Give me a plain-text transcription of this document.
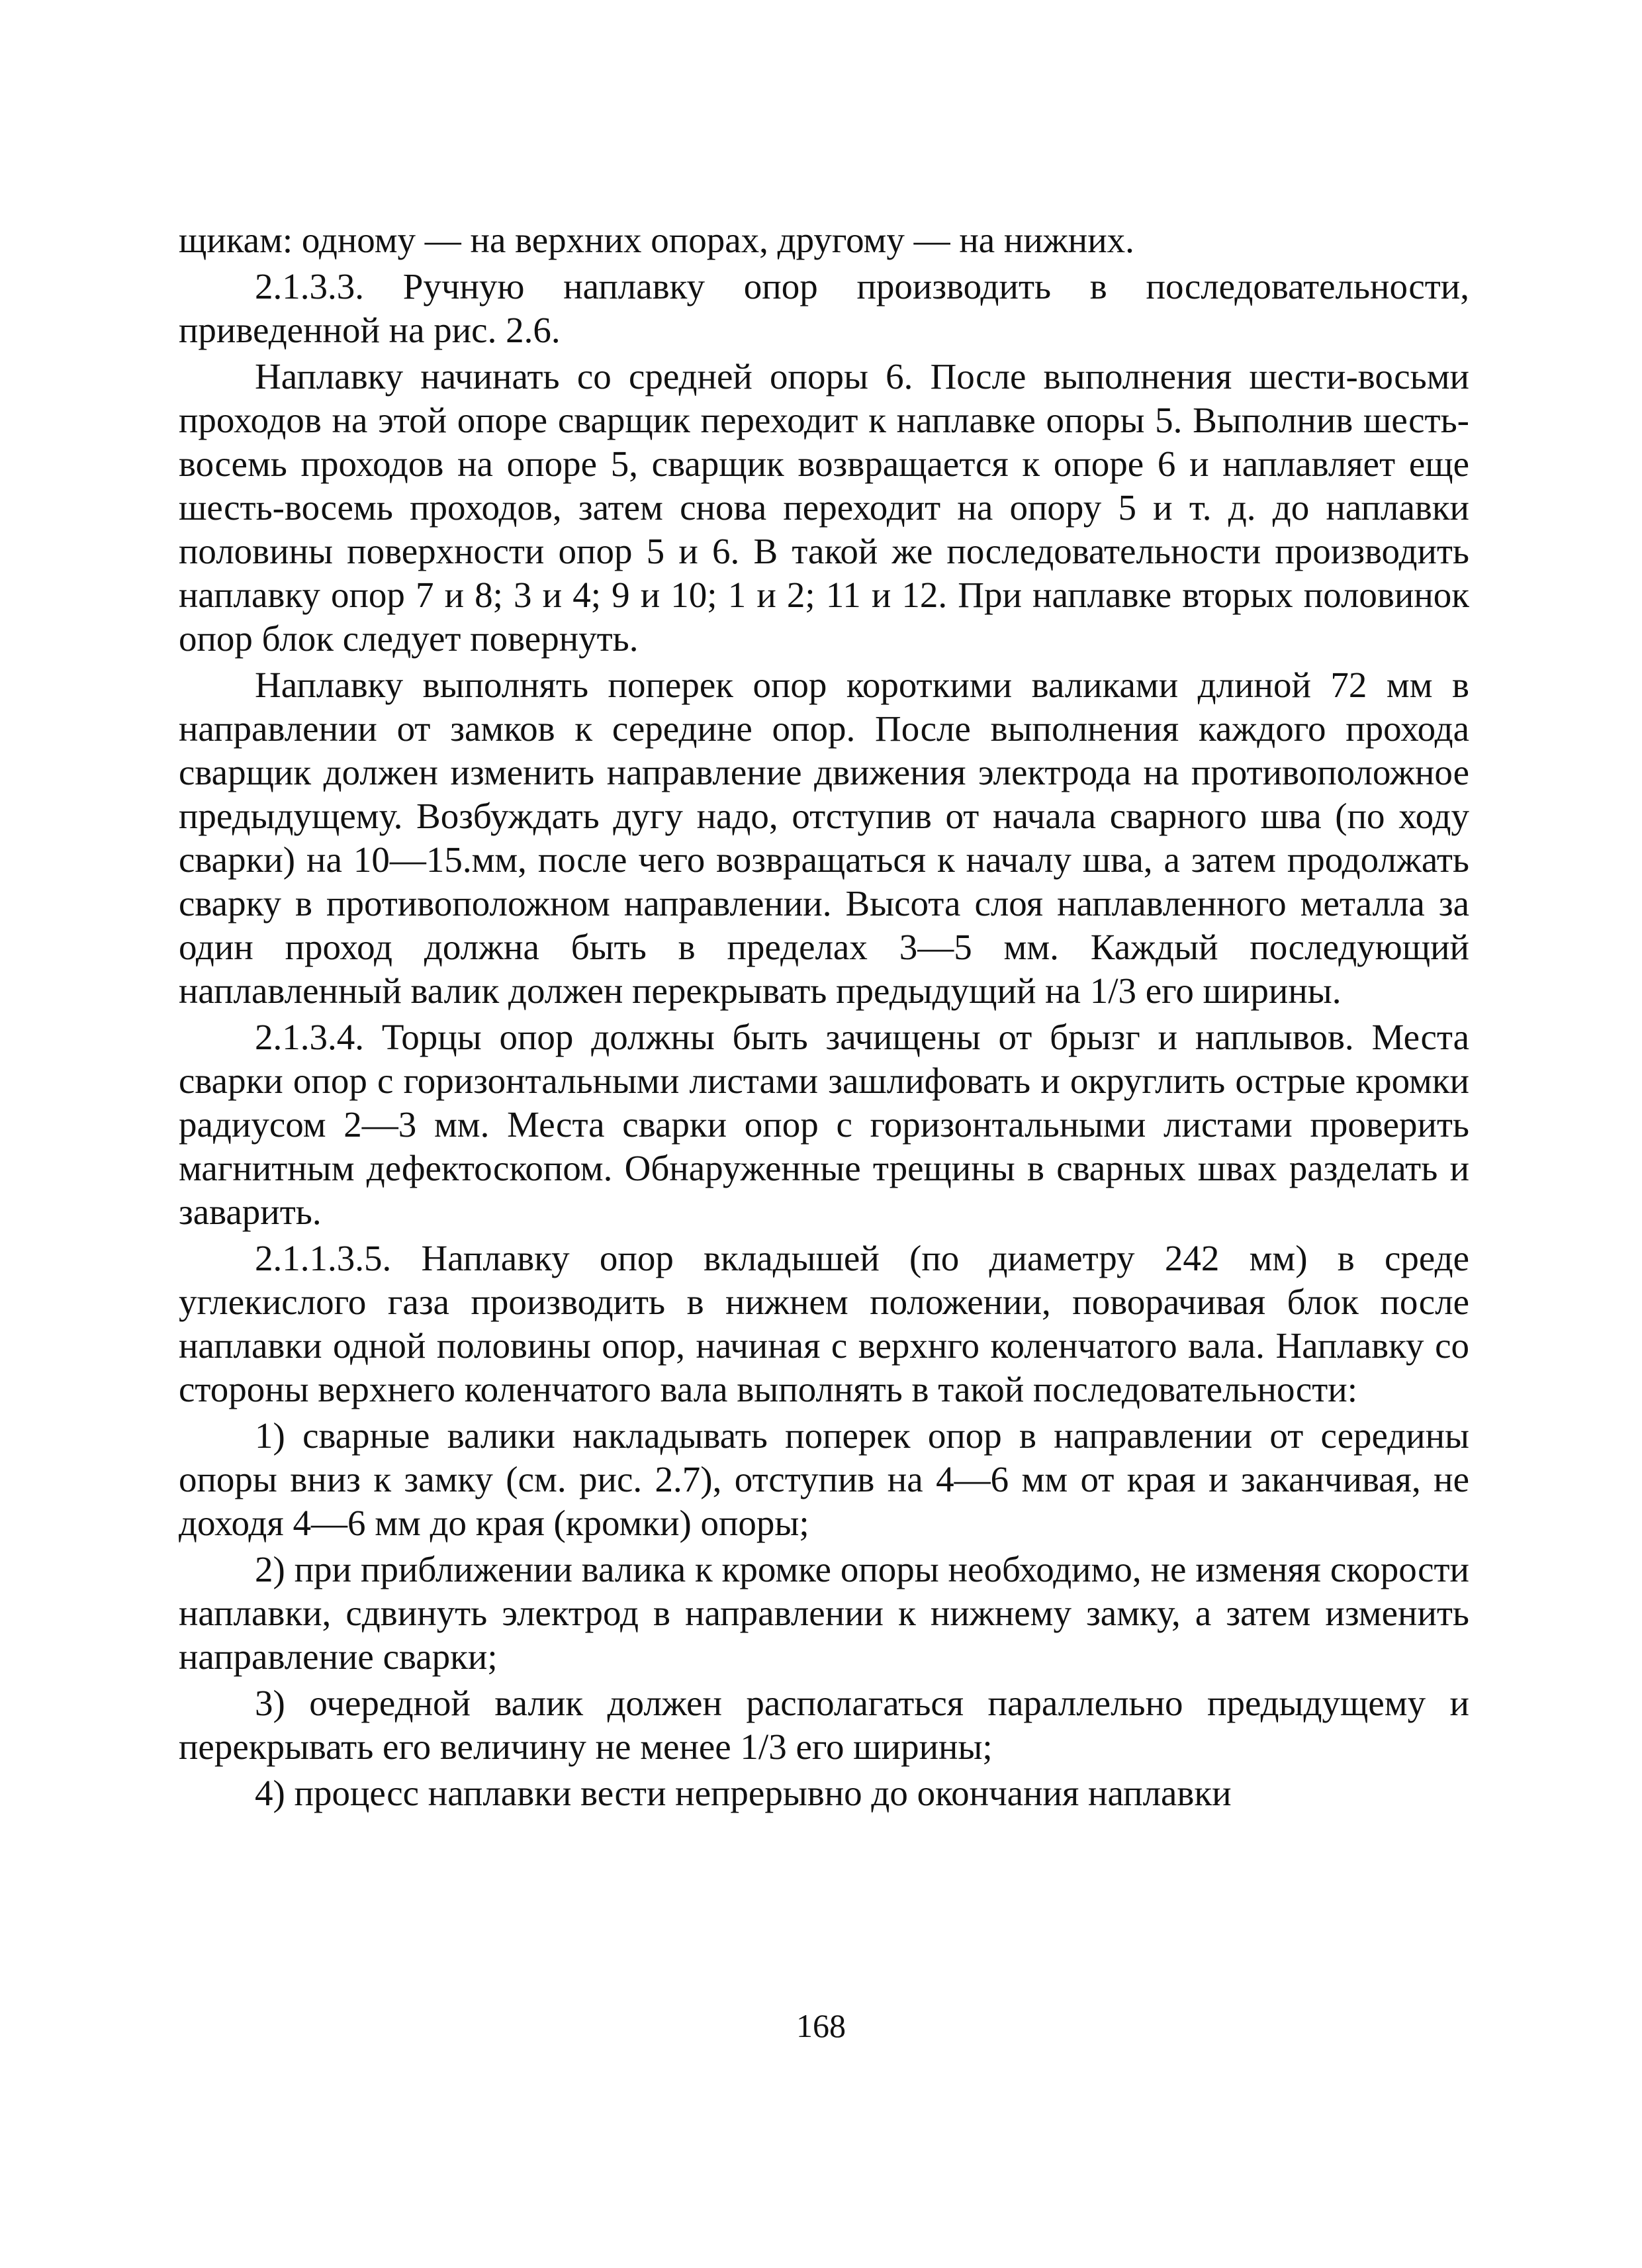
щикам: одному — на верхних опорах, другому — на нижних.

2.1.3.3. Ручную наплавку опор производить в последовательности, приведенной на рис. 2.6.

Наплавку начинать со средней опоры 6. После выполнения шести-восьми проходов на этой опоре сварщик переходит к наплавке опоры 5. Выполнив шесть-восемь проходов на опоре 5, сварщик возвращается к опоре 6 и наплавляет еще шесть-восемь проходов, затем снова переходит на опору 5 и т. д. до наплавки половины поверхности опор 5 и 6. В такой же последовательности производить наплавку опор 7 и 8; 3 и 4; 9 и 10; 1 и 2; 11 и 12. При наплавке вторых половинок опор блок следует повернуть.

Наплавку выполнять поперек опор короткими валиками длиной 72 мм в направлении от замков к середине опор. После выполнения каждого прохода сварщик должен изменить направление движения электрода на противоположное предыдущему. Возбуждать дугу надо, отступив от начала сварного шва (по ходу сварки) на 10—15.мм, после чего возвращаться к началу шва, а затем продолжать сварку в противоположном направлении. Высота слоя наплавленного металла за один проход должна быть в пределах 3—5 мм. Каждый последующий наплавленный валик должен перекрывать предыдущий на 1/3 его ширины.

2.1.3.4. Торцы опор должны быть зачищены от брызг и наплывов. Места сварки опор с горизонтальными листами зашлифовать и округлить острые кромки радиусом 2—3 мм. Места сварки опор с горизонтальными листами проверить магнитным дефектоскопом. Обнаруженные трещины в сварных швах разделать и заварить.

2.1.1.3.5. Наплавку опор вкладышей (по диаметру 242 мм) в среде углекислого газа производить в нижнем положении, поворачивая блок после наплавки одной половины опор, начиная с верхнго коленчатого вала. Наплавку со стороны верхнего коленчатого вала выполнять в такой последовательности:

1) сварные валики накладывать поперек опор в направлении от середины опоры вниз к замку (см. рис. 2.7), отступив на 4—6 мм от края и заканчивая, не доходя 4—6 мм до края (кромки) опоры;

2) при приближении валика к кромке опоры необходимо, не изменяя скорости наплавки, сдвинуть электрод в направлении к нижнему замку, а затем изменить направление сварки;

3) очередной валик должен располагаться параллельно предыдущему и перекрывать его величину не менее 1/3 его ширины;

4) процесс наплавки вести непрерывно до окончания наплавки

168
